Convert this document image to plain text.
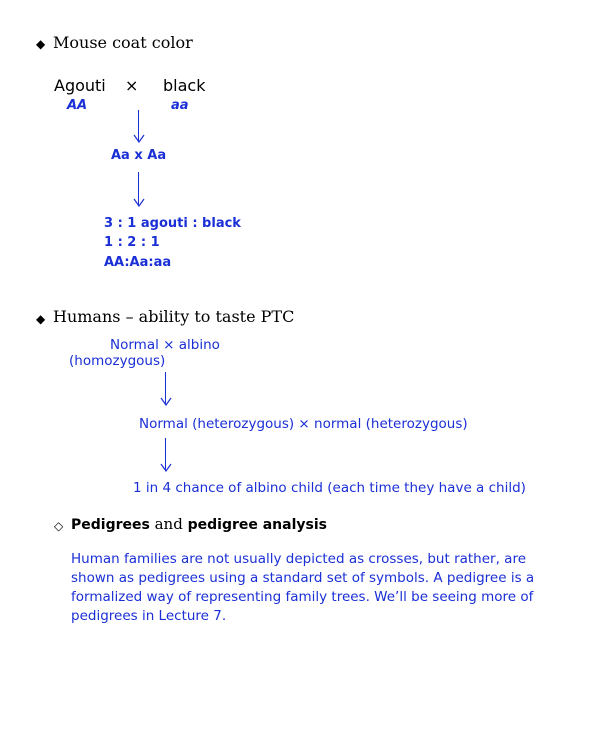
◆ Mouse coat color
Agouti × black
AA	aa
Aa x Aa
3 : 1 agouti : black
1 : 2 : 1
AA:Aa:aa
◆ Humans – ability to taste PTC
Normal × albino
(homozygous)
Normal (heterozygous) × normal (heterozygous)
1 in 4 chance of albino child (each time they have a child)
◇ Pedigrees and pedigree analysis
Human families are not usually depicted as crosses, but rather, are
shown as pedigrees using a standard set of symbols. A pedigree is a
formalized way of representing family trees. We’ll be seeing more of
pedigrees in Lecture 7.
